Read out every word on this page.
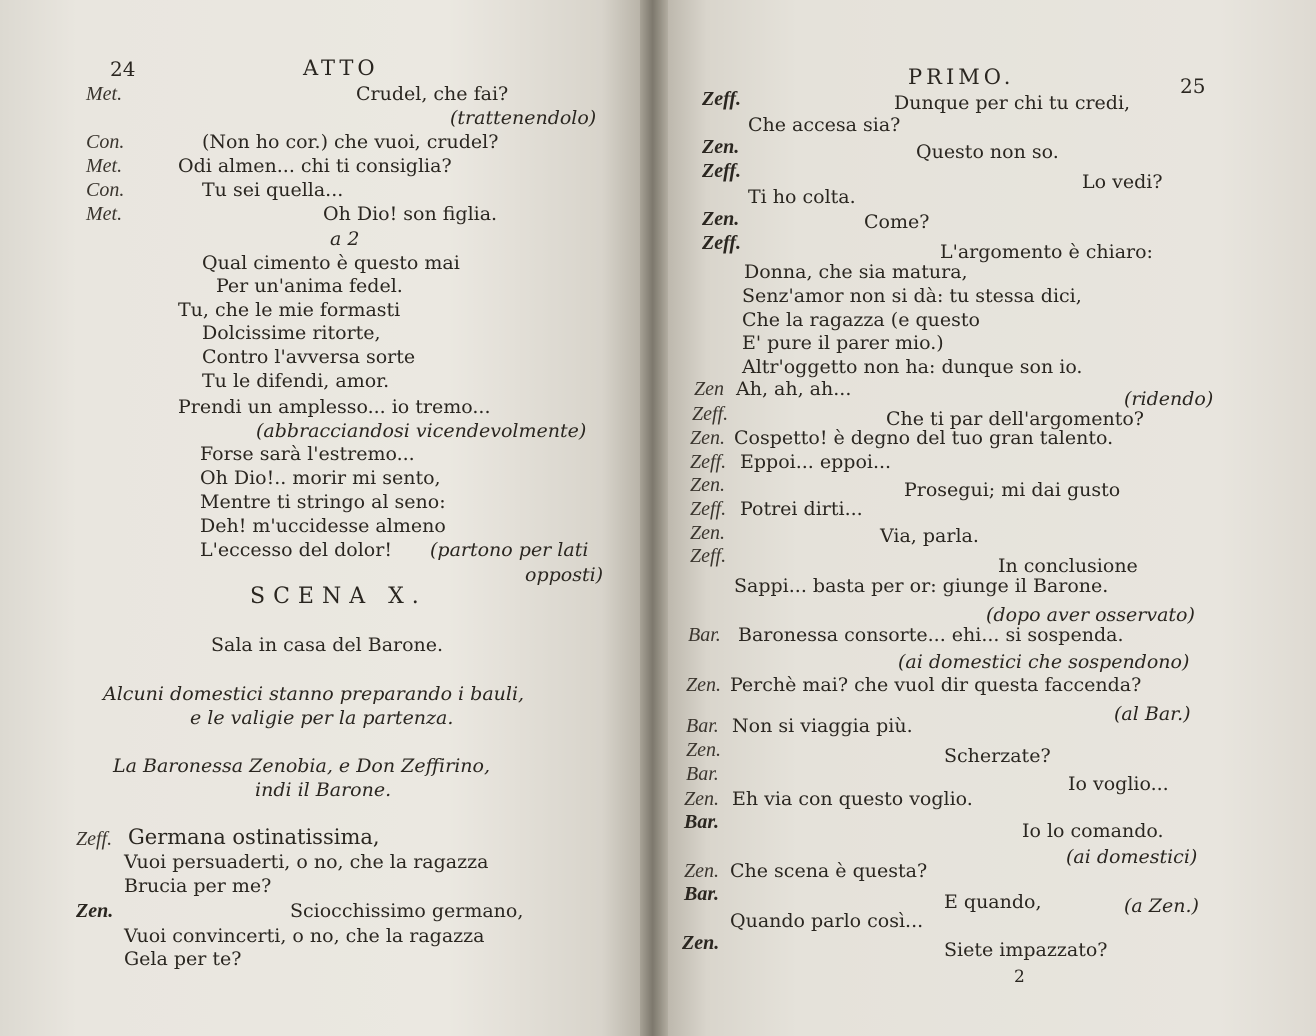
24	ATTO
Met.	Crudel, che fai?
(trattenendolo)
Con.	(Non ho cor.) che vuoi, crudel?
Met.	Odi almen... chi ti consiglia?
Con.	Tu sei quella...
Met.	Oh Dio! son figlia.
a 2
Qual cimento è questo mai
Per un'anima fedel.
Tu, che le mie formasti
Dolcissime ritorte,
Contro l'avversa sorte
Tu le difendi, amor.
Prendi un amplesso... io tremo...
(abbracciandosi vicendevolmente)
Forse sarà l'estremo...
Oh Dio!.. morir mi sento,
Mentre ti stringo al seno:
Deh! m'uccidesse almeno
L'eccesso del dolor! (partono per lati
opposti)
SCENA X.
Sala in casa del Barone.
Alcuni domestici stanno preparando i bauli,
e le valigie per la partenza.
La Baronessa Zenobia, e Don Zeffirino,
indi il Barone.
Zeff. Germana ostinatissima,
Vuoi persuaderti, o no, che la ragazza
Brucia per me?
Zen.	Sciocchissimo germano,
Vuoi convincerti, o no, che la ragazza
Gela per te?
PRIMO.	25
Zeff.	Dunque per chi tu credi,
Che accesa sia?
Zen.	Questo non so.
Zeff.	Lo vedi?
Ti ho colta.
Zen.	Come?
Zeff.	L'argomento è chiaro:
Donna, che sia matura,
Senz'amor non si dà: tu stessa dici,
Che la ragazza (e questo
E' pure il parer mio.)
Altr'oggetto non ha: dunque son io.
Zen Ah, ah, ah...	(ridendo)
Zeff.	Che ti par dell'argomento?
Zen. Cospetto! è degno del tuo gran talento.
Zeff. Eppoi... eppoi...
Zen.	Prosegui; mi dai gusto
Zeff. Potrei dirti...
Zen.	Via, parla.
Zeff.	In conclusione
Sappi... basta per or: giunge il Barone.
(dopo aver osservato)
Bar. Baronessa consorte... ehi... si sospenda.
(ai domestici che sospendono)
Zen. Perchè mai? che vuol dir questa faccenda?
(al Bar.)
Bar. Non si viaggia più.
Zen.	Scherzate?
Bar.	Io voglio...
Zen. Eh via con questo voglio.
Bar.	Io lo comando.
(ai domestici)
Zen. Che scena è questa?
Bar.	E quando,	(a Zen.)
Quando parlo così...
Zen.	Siete impazzato?
2
